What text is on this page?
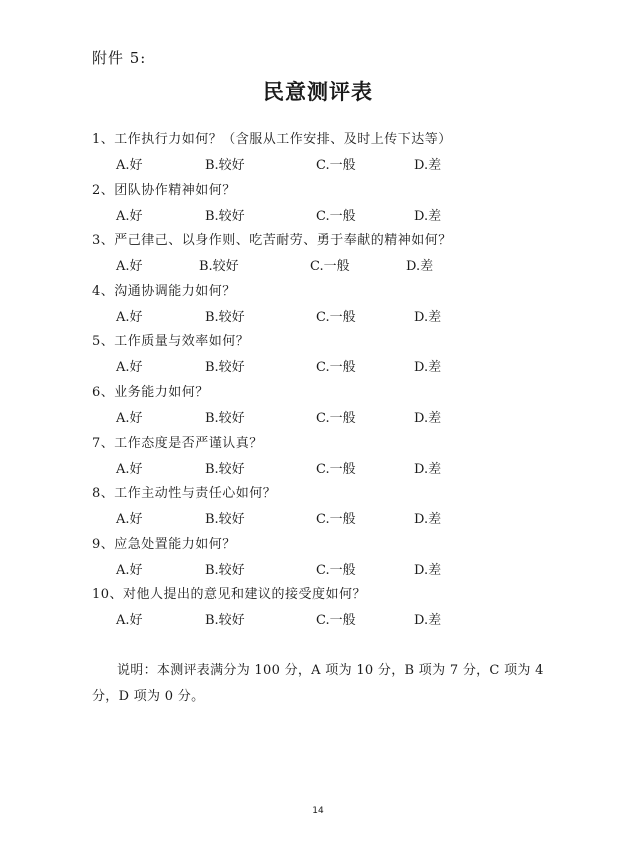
附件 5:
民意测评表
1、工作执行力如何？（含服从工作安排、及时上传下达等）
A.好	B.较好	C.一般	D.差
2、团队协作精神如何？
A.好	B.较好	C.一般	D.差
3、严己律己、以身作则、吃苦耐劳、勇于奉献的精神如何？
A.好	B.较好	C.一般	D.差
4、沟通协调能力如何？
A.好	B.较好	C.一般	D.差
5、工作质量与效率如何？
A.好	B.较好	C.一般	D.差
6、业务能力如何？
A.好	B.较好	C.一般	D.差
7、工作态度是否严谨认真？
A.好	B.较好	C.一般	D.差
8、工作主动性与责任心如何？
A.好	B.较好	C.一般	D.差
9、应急处置能力如何？
A.好	B.较好	C.一般	D.差
10、对他人提出的意见和建议的接受度如何？
A.好	B.较好	C.一般	D.差
说明：本测评表满分为 100 分，A 项为 10 分，B 项为 7 分，C 项为 4 分，D 项为 0 分。
14
